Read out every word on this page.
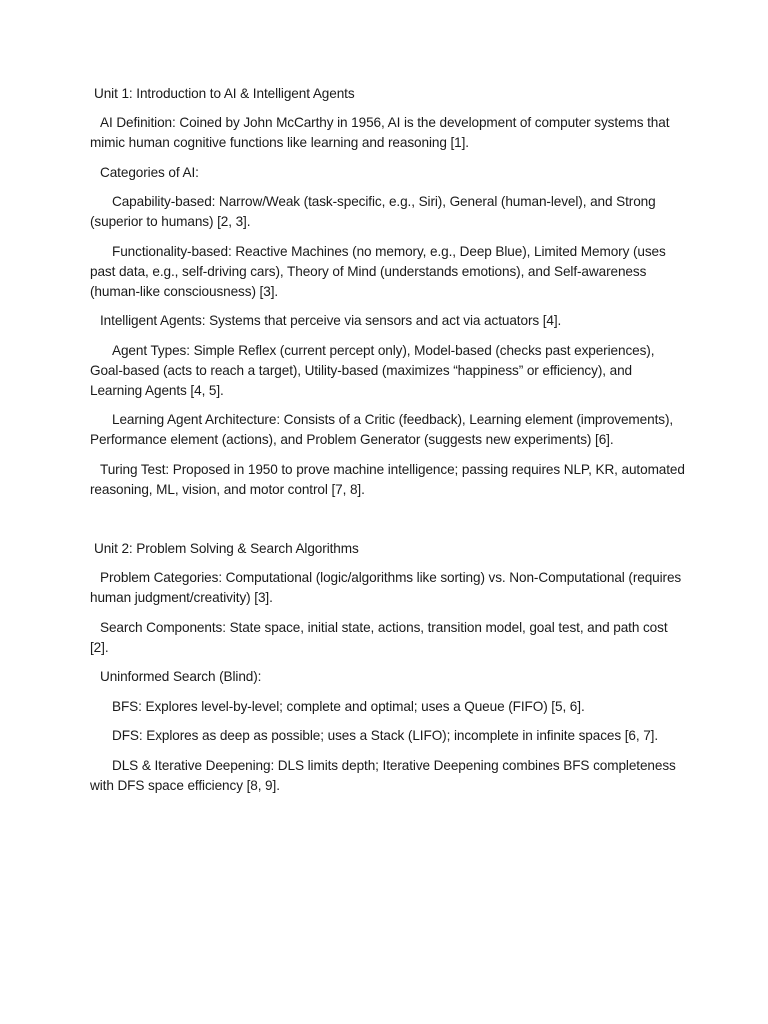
Unit 1: Introduction to AI & Intelligent Agents

AI Definition: Coined by John McCarthy in 1956, AI is the development of computer systems that mimic human cognitive functions like learning and reasoning [1].

Categories of AI:

Capability-based: Narrow/Weak (task-specific, e.g., Siri), General (human-level), and Strong (superior to humans) [2, 3].

Functionality-based: Reactive Machines (no memory, e.g., Deep Blue), Limited Memory (uses past data, e.g., self-driving cars), Theory of Mind (understands emotions), and Self-awareness (human-like consciousness) [3].

Intelligent Agents: Systems that perceive via sensors and act via actuators [4].

Agent Types: Simple Reflex (current percept only), Model-based (checks past experiences), Goal-based (acts to reach a target), Utility-based (maximizes “happiness” or efficiency), and Learning Agents [4, 5].

Learning Agent Architecture: Consists of a Critic (feedback), Learning element (improvements), Performance element (actions), and Problem Generator (suggests new experiments) [6].

Turing Test: Proposed in 1950 to prove machine intelligence; passing requires NLP, KR, automated reasoning, ML, vision, and motor control [7, 8].

Unit 2: Problem Solving & Search Algorithms

Problem Categories: Computational (logic/algorithms like sorting) vs. Non-Computational (requires human judgment/creativity) [3].

Search Components: State space, initial state, actions, transition model, goal test, and path cost [2].

Uninformed Search (Blind):

BFS: Explores level-by-level; complete and optimal; uses a Queue (FIFO) [5, 6].

DFS: Explores as deep as possible; uses a Stack (LIFO); incomplete in infinite spaces [6, 7].

DLS & Iterative Deepening: DLS limits depth; Iterative Deepening combines BFS completeness with DFS space efficiency [8, 9].
